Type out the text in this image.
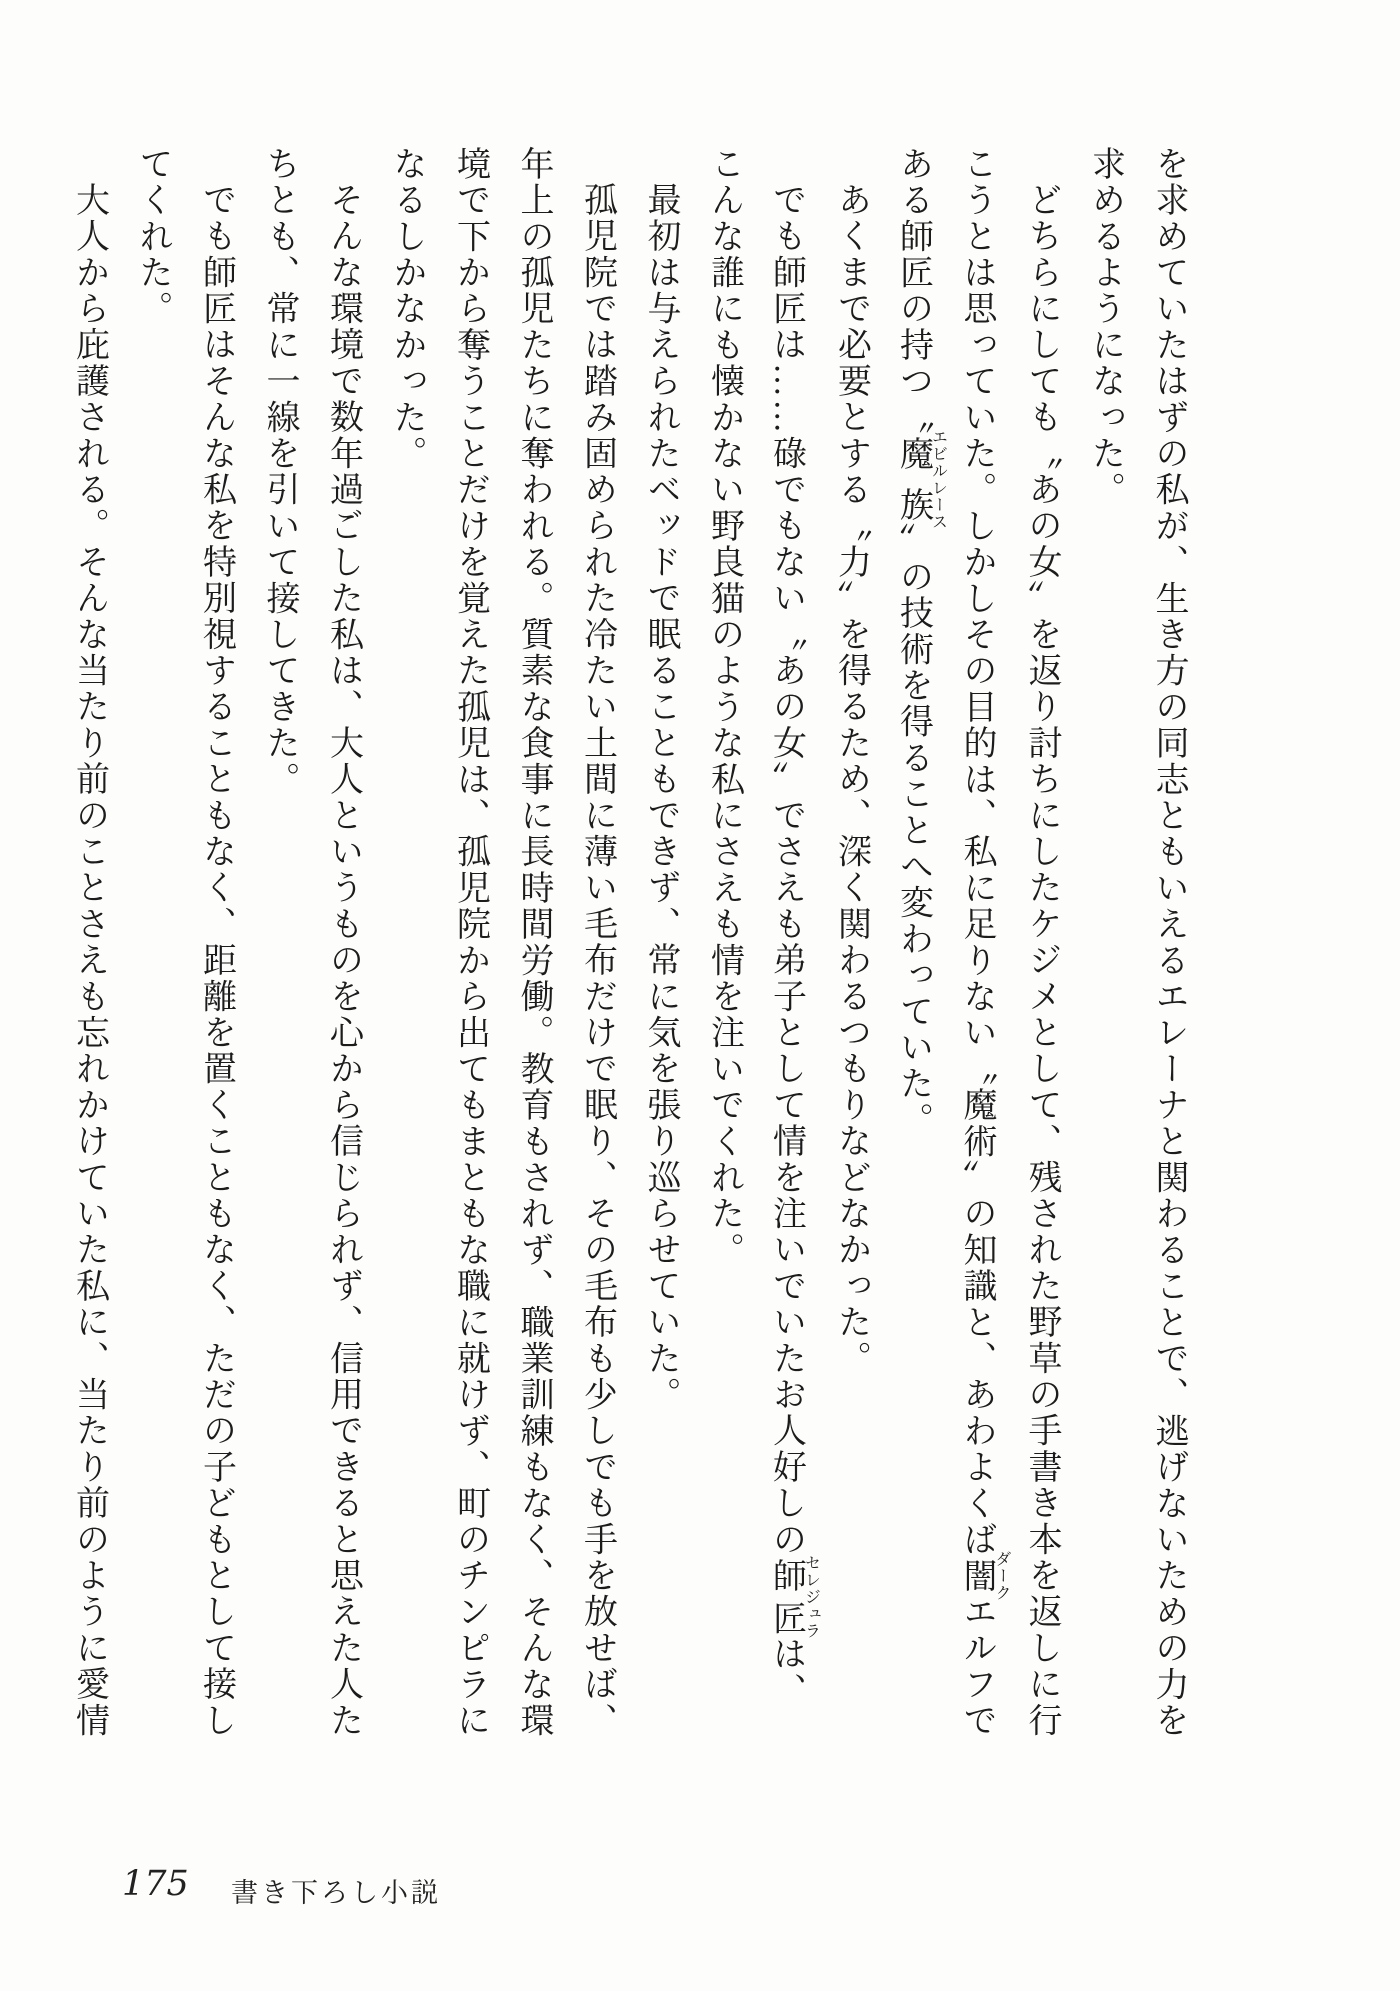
を求めていたはずの私が、生き方の同志ともいえるエレーナと関わることで、逃げないための力を
求めるようになった。
どちらにしても〝あの女〞を返り討ちにしたケジメとして、残された野草の手書き本を返しに行
こうとは思っていた。しかしその目的は、私に足りない〝魔術〞の知識と、あわよくば闇ダークエルフで
ある師匠の持つ〝魔族エビルレース〞の技術を得ることへ変わっていた。
あくまで必要とする〝力〞を得るため、深く関わるつもりなどなかった。
でも師匠は……碌でもない〝あの女〞でさえも弟子として情を注いでいたお人好しの師匠セレジュラは、
こんな誰にも懐かない野良猫のような私にさえも情を注いでくれた。
最初は与えられたベッドで眠ることもできず、常に気を張り巡らせていた。
孤児院では踏み固められた冷たい土間に薄い毛布だけで眠り、その毛布も少しでも手を放せば、
年上の孤児たちに奪われる。質素な食事に長時間労働。教育もされず、職業訓練もなく、そんな環
境で下から奪うことだけを覚えた孤児は、孤児院から出てもまともな職に就けず、町のチンピラに
なるしかなかった。
そんな環境で数年過ごした私は、大人というものを心から信じられず、信用できると思えた人た
ちとも、常に一線を引いて接してきた。
でも師匠はそんな私を特別視することもなく、距離を置くこともなく、ただの子どもとして接し
てくれた。
大人から庇護される。そんな当たり前のことさえも忘れかけていた私に、当たり前のように愛情
175 書き下ろし小説
